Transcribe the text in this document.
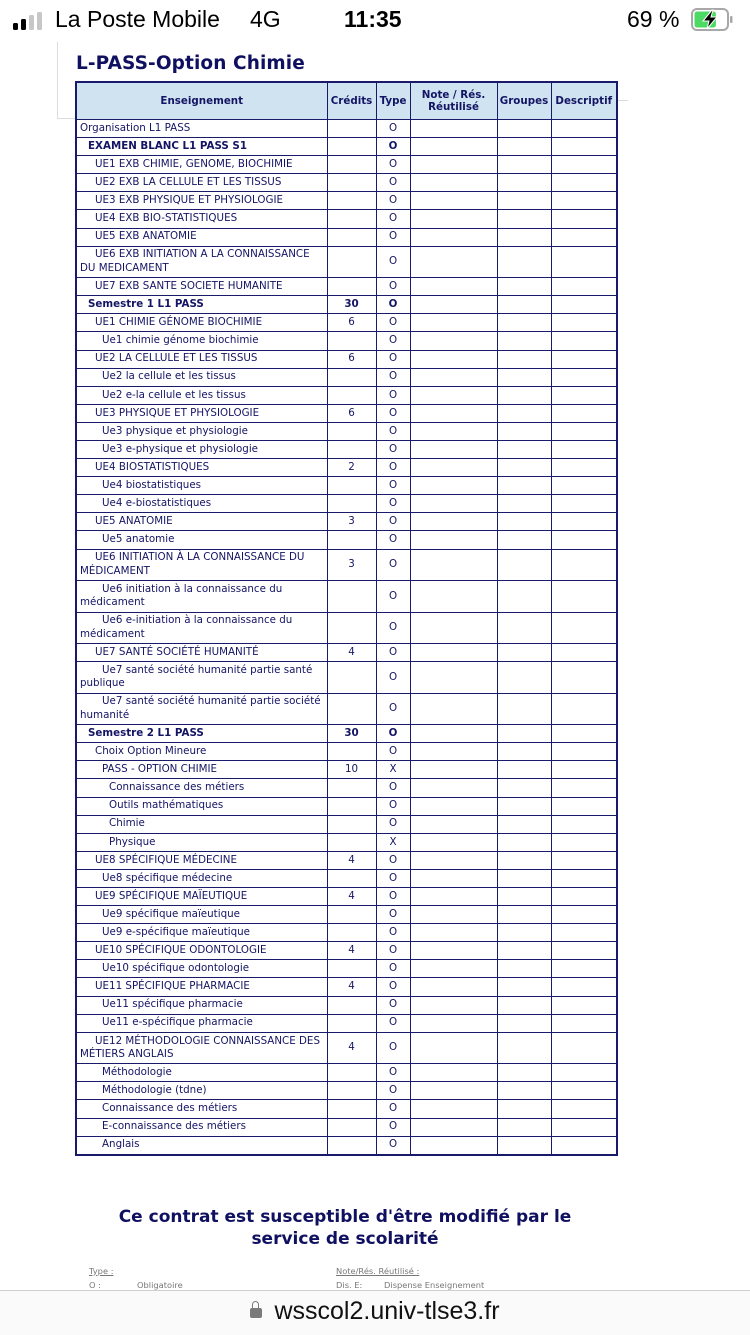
La Poste Mobile 4G	11:35	69 %
L-PASS-Option Chimie
Enseignement	Crédits	Type	Note / Rés. Réutilisé	Groupes	Descriptif
Organisation L1 PASS		O			
EXAMEN BLANC L1 PASS S1		O			
UE1 EXB CHIMIE, GENOME, BIOCHIMIE		O			
UE2 EXB LA CELLULE ET LES TISSUS		O			
UE3 EXB PHYSIQUE ET PHYSIOLOGIE		O			
UE4 EXB BIO-STATISTIQUES		O			
UE5 EXB ANATOMIE		O			
UE6 EXB INITIATION A LA CONNAISSANCE DU MEDICAMENT		O			
UE7 EXB SANTE SOCIETE HUMANITE		O			
Semestre 1 L1 PASS	30	O			
UE1 CHIMIE GÉNOME BIOCHIMIE	6	O			
Ue1 chimie génome biochimie		O			
UE2 LA CELLULE ET LES TISSUS	6	O			
Ue2 la cellule et les tissus		O			
Ue2 e-la cellule et les tissus		O			
UE3 PHYSIQUE ET PHYSIOLOGIE	6	O			
Ue3 physique et physiologie		O			
Ue3 e-physique et physiologie		O			
UE4 BIOSTATISTIQUES	2	O			
Ue4 biostatistiques		O			
Ue4 e-biostatistiques		O			
UE5 ANATOMIE	3	O			
Ue5 anatomie		O			
UE6 INITIATION À LA CONNAISSANCE DU MÉDICAMENT	3	O			
Ue6 initiation à la connaissance du médicament		O			
Ue6 e-initiation à la connaissance du médicament		O			
UE7 SANTÉ SOCIÉTÉ HUMANITÉ	4	O			
Ue7 santé société humanité partie santé publique		O			
Ue7 santé société humanité partie société humanité		O			
Semestre 2 L1 PASS	30	O			
Choix Option Mineure		O			
PASS - OPTION CHIMIE	10	X			
Connaissance des métiers		O			
Outils mathématiques		O			
Chimie		O			
Physique		X			
UE8 SPÉCIFIQUE MÉDECINE	4	O			
Ue8 spécifique médecine		O			
UE9 SPÉCIFIQUE MAÏEUTIQUE	4	O			
Ue9 spécifique maïeutique		O			
Ue9 e-spécifique maïeutique		O			
UE10 SPÉCIFIQUE ODONTOLOGIE	4	O			
Ue10 spécifique odontologie		O			
UE11 SPÉCIFIQUE PHARMACIE	4	O			
Ue11 spécifique pharmacie		O			
Ue11 e-spécifique pharmacie		O			
UE12 MÉTHODOLOGIE CONNAISSANCE DES MÉTIERS ANGLAIS	4	O			
Méthodologie		O			
Méthodologie (tdne)		O			
Connaissance des métiers		O			
E-connaissance des métiers		O			
Anglais		O			
Ce contrat est susceptible d'être modifié par le service de scolarité
Type :
O :	Obligatoire
Note/Rés. Réutilisé :
Dis. E:	Dispense Enseignement
wsscol2.univ-tlse3.fr
